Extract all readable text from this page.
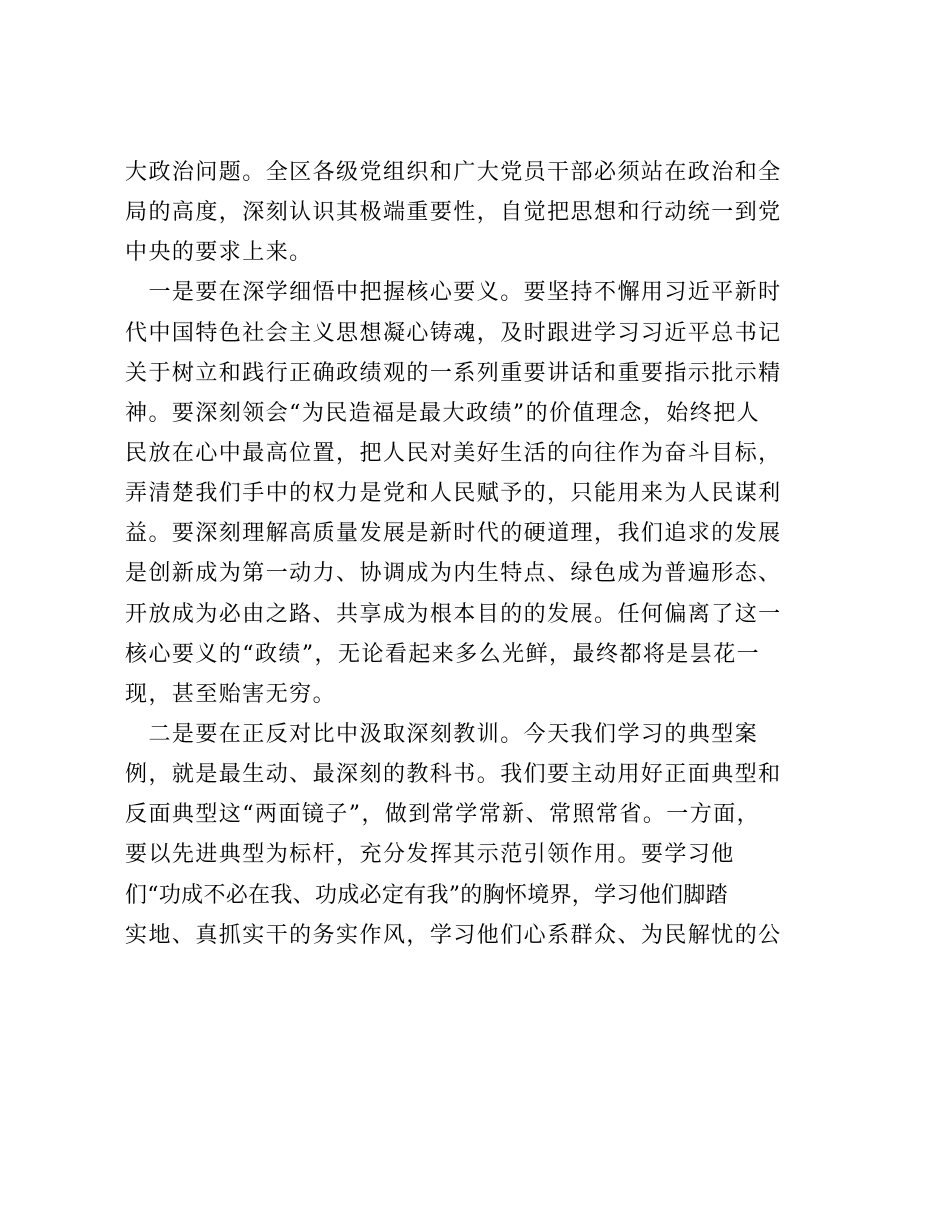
大政治问题。全区各级党组织和广大党员干部必须站在政治和全
局的高度，深刻认识其极端重要性，自觉把思想和行动统一到党
中央的要求上来。
　一是要在深学细悟中把握核心要义。要坚持不懈用习近平新时
代中国特色社会主义思想凝心铸魂，及时跟进学习习近平总书记
关于树立和践行正确政绩观的一系列重要讲话和重要指示批示精
神。要深刻领会“为民造福是最大政绩”的价值理念，始终把人
民放在心中最高位置，把人民对美好生活的向往作为奋斗目标，
弄清楚我们手中的权力是党和人民赋予的，只能用来为人民谋利
益。要深刻理解高质量发展是新时代的硬道理，我们追求的发展
是创新成为第一动力、协调成为内生特点、绿色成为普遍形态、
开放成为必由之路、共享成为根本目的的发展。任何偏离了这一
核心要义的“政绩”，无论看起来多么光鲜，最终都将是昙花一
现，甚至贻害无穷。
　二是要在正反对比中汲取深刻教训。今天我们学习的典型案
例，就是最生动、最深刻的教科书。我们要主动用好正面典型和
反面典型这“两面镜子”，做到常学常新、常照常省。一方面，
要以先进典型为标杆，充分发挥其示范引领作用。要学习他
们“功成不必在我、功成必定有我”的胸怀境界，学习他们脚踏
实地、真抓实干的务实作风，学习他们心系群众、为民解忧的公
